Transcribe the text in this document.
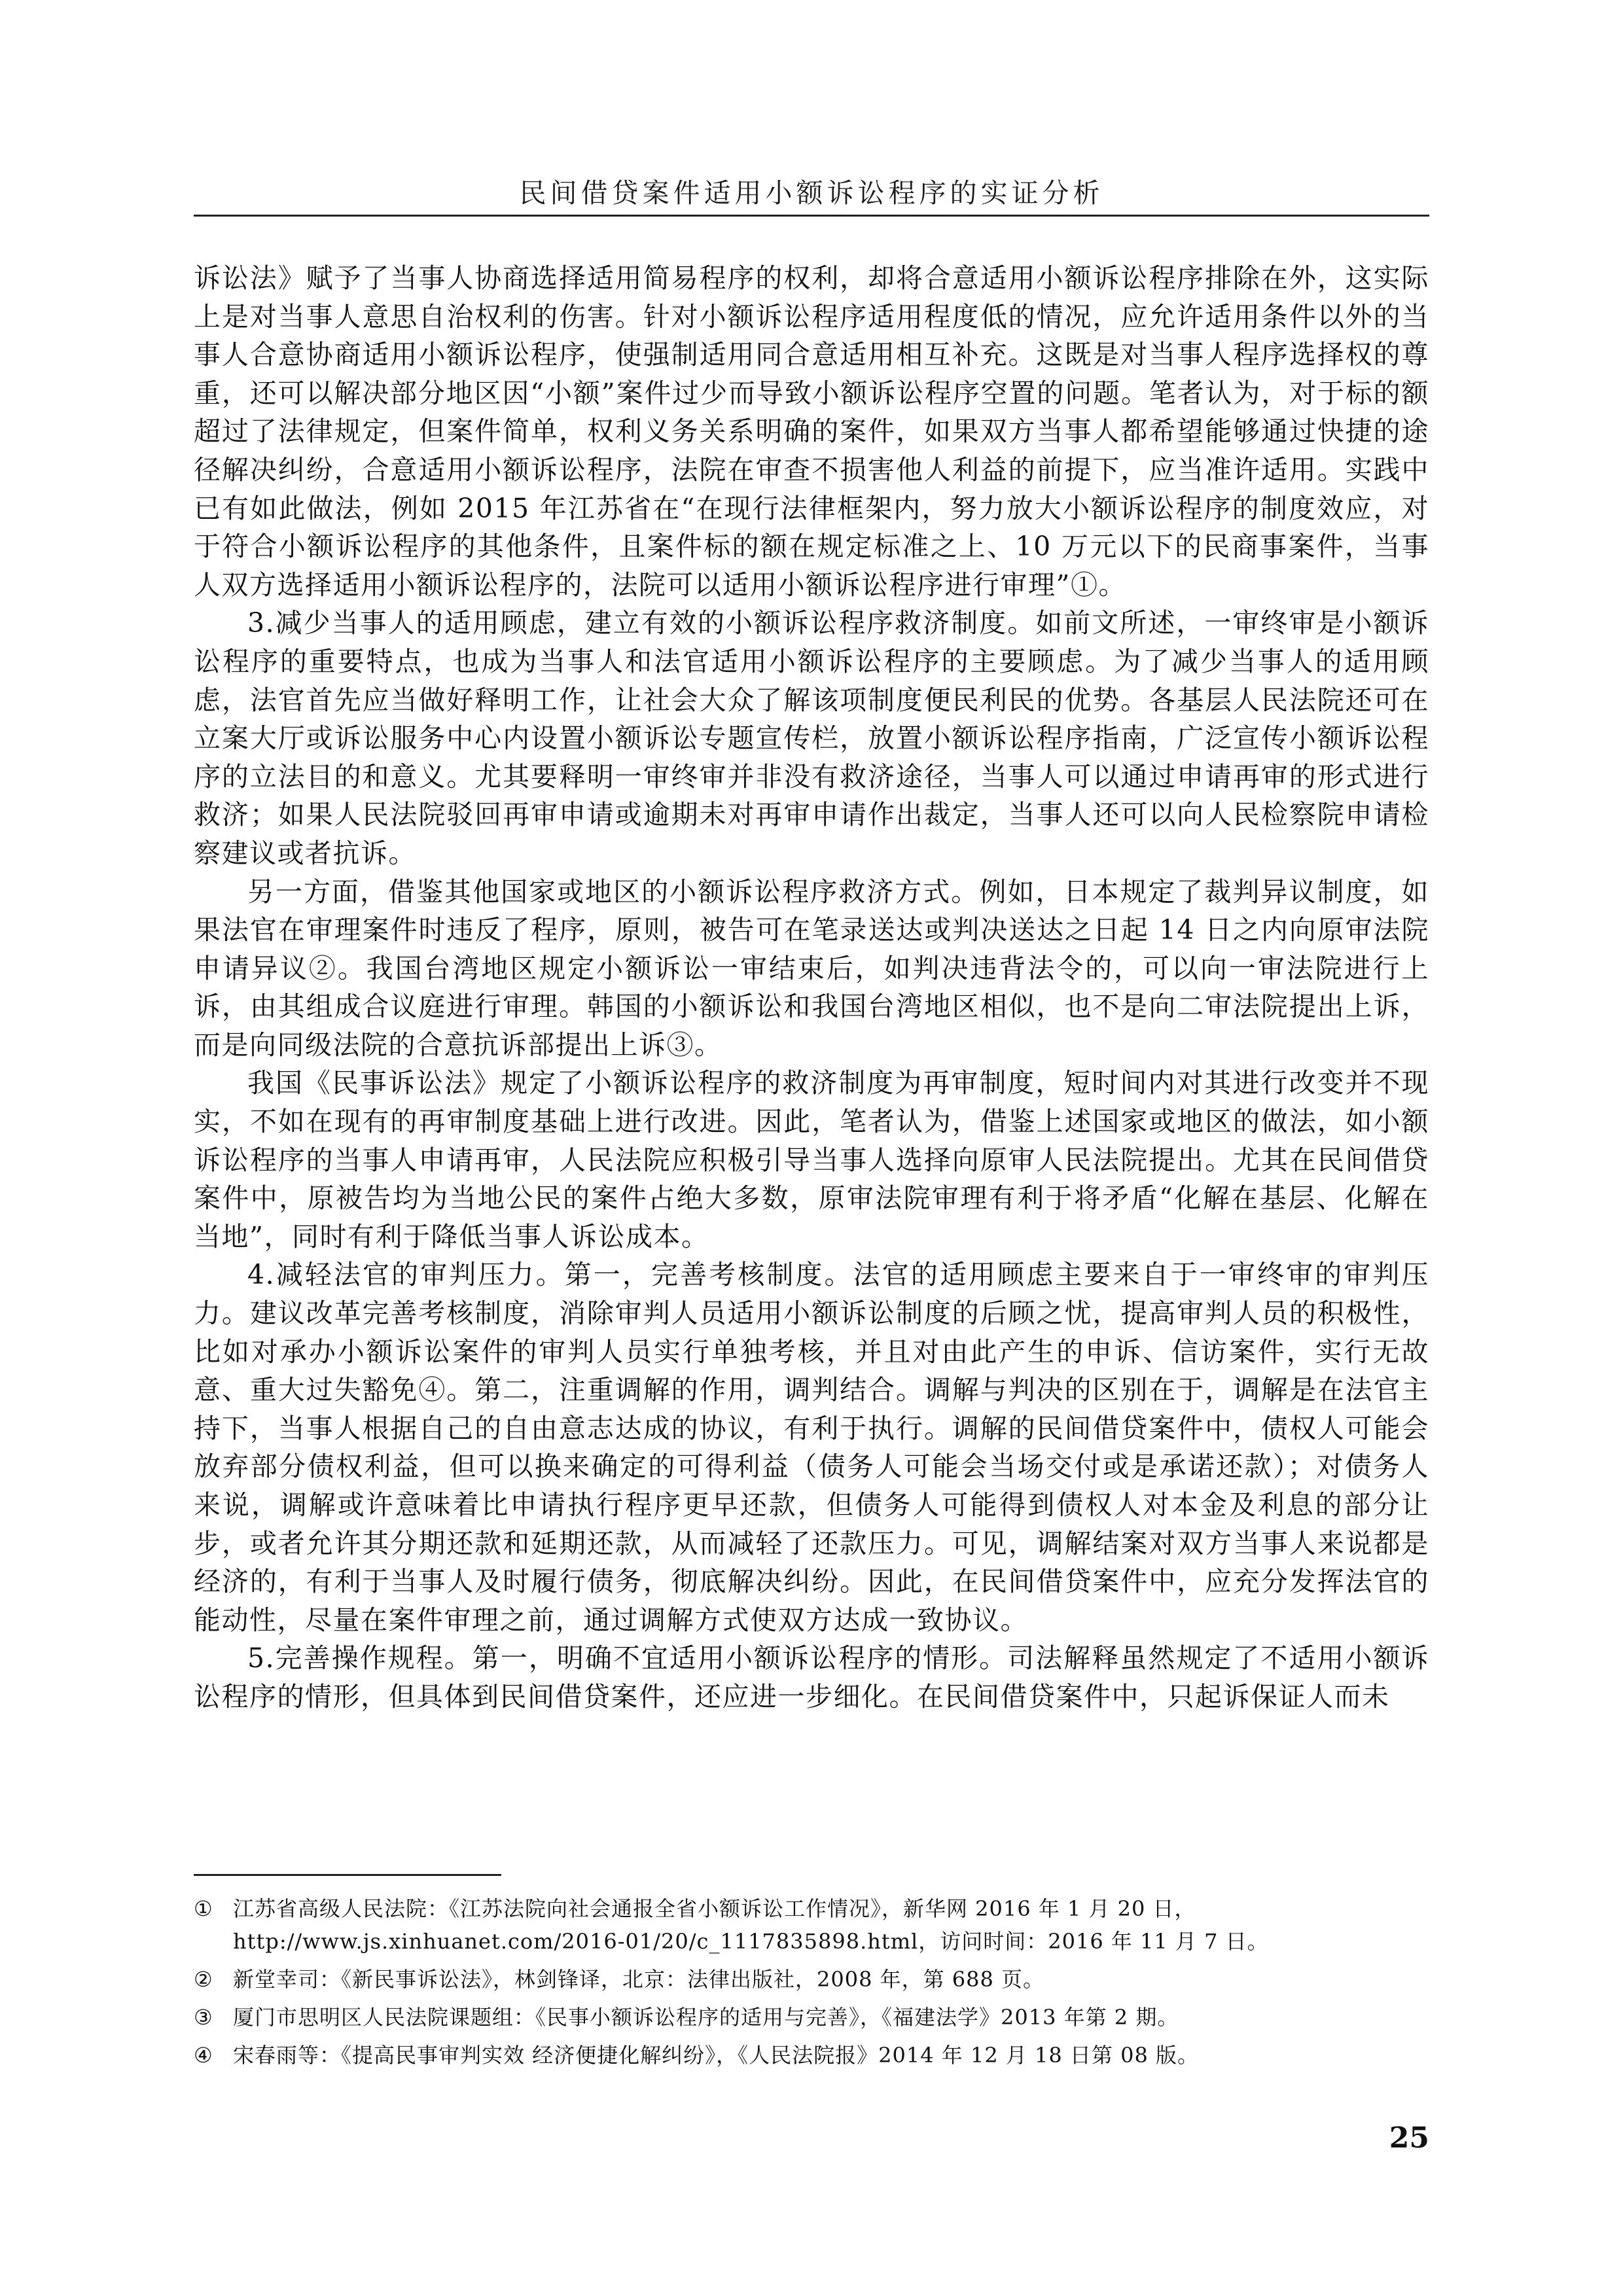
民间借贷案件适用小额诉讼程序的实证分析

诉讼法》赋予了当事人协商选择适用简易程序的权利，却将合意适用小额诉讼程序排除在外，这实际上是对当事人意思自治权利的伤害。针对小额诉讼程序适用程度低的情况，应允许适用条件以外的当事人合意协商适用小额诉讼程序，使强制适用同合意适用相互补充。这既是对当事人程序选择权的尊重，还可以解决部分地区因“小额”案件过少而导致小额诉讼程序空置的问题。笔者认为，对于标的额超过了法律规定，但案件简单，权利义务关系明确的案件，如果双方当事人都希望能够通过快捷的途径解决纠纷，合意适用小额诉讼程序，法院在审查不损害他人利益的前提下，应当准许适用。实践中已有如此做法，例如 2015 年江苏省在“在现行法律框架内，努力放大小额诉讼程序的制度效应，对于符合小额诉讼程序的其他条件，且案件标的额在规定标准之上、10 万元以下的民商事案件，当事人双方选择适用小额诉讼程序的，法院可以适用小额诉讼程序进行审理”①。

3.减少当事人的适用顾虑，建立有效的小额诉讼程序救济制度。如前文所述，一审终审是小额诉讼程序的重要特点，也成为当事人和法官适用小额诉讼程序的主要顾虑。为了减少当事人的适用顾虑，法官首先应当做好释明工作，让社会大众了解该项制度便民利民的优势。各基层人民法院还可在立案大厅或诉讼服务中心内设置小额诉讼专题宣传栏，放置小额诉讼程序指南，广泛宣传小额诉讼程序的立法目的和意义。尤其要释明一审终审并非没有救济途径，当事人可以通过申请再审的形式进行救济；如果人民法院驳回再审申请或逾期未对再审申请作出裁定，当事人还可以向人民检察院申请检察建议或者抗诉。

另一方面，借鉴其他国家或地区的小额诉讼程序救济方式。例如，日本规定了裁判异议制度，如果法官在审理案件时违反了程序，原则，被告可在笔录送达或判决送达之日起 14 日之内向原审法院申请异议②。我国台湾地区规定小额诉讼一审结束后，如判决违背法令的，可以向一审法院进行上诉，由其组成合议庭进行审理。韩国的小额诉讼和我国台湾地区相似，也不是向二审法院提出上诉，而是向同级法院的合意抗诉部提出上诉③。

我国《民事诉讼法》规定了小额诉讼程序的救济制度为再审制度，短时间内对其进行改变并不现实，不如在现有的再审制度基础上进行改进。因此，笔者认为，借鉴上述国家或地区的做法，如小额诉讼程序的当事人申请再审，人民法院应积极引导当事人选择向原审人民法院提出。尤其在民间借贷案件中，原被告均为当地公民的案件占绝大多数，原审法院审理有利于将矛盾“化解在基层、化解在当地”，同时有利于降低当事人诉讼成本。

4.减轻法官的审判压力。第一，完善考核制度。法官的适用顾虑主要来自于一审终审的审判压力。建议改革完善考核制度，消除审判人员适用小额诉讼制度的后顾之忧，提高审判人员的积极性，比如对承办小额诉讼案件的审判人员实行单独考核，并且对由此产生的申诉、信访案件，实行无故意、重大过失豁免④。第二，注重调解的作用，调判结合。调解与判决的区别在于，调解是在法官主持下，当事人根据自己的自由意志达成的协议，有利于执行。调解的民间借贷案件中，债权人可能会放弃部分债权利益，但可以换来确定的可得利益（债务人可能会当场交付或是承诺还款）；对债务人来说，调解或许意味着比申请执行程序更早还款，但债务人可能得到债权人对本金及利息的部分让步，或者允许其分期还款和延期还款，从而减轻了还款压力。可见，调解结案对双方当事人来说都是经济的，有利于当事人及时履行债务，彻底解决纠纷。因此，在民间借贷案件中，应充分发挥法官的能动性，尽量在案件审理之前，通过调解方式使双方达成一致协议。

5.完善操作规程。第一，明确不宜适用小额诉讼程序的情形。司法解释虽然规定了不适用小额诉讼程序的情形，但具体到民间借贷案件，还应进一步细化。在民间借贷案件中，只起诉保证人而未

① 江苏省高级人民法院：《江苏法院向社会通报全省小额诉讼工作情况》，新华网 2016 年 1 月 20 日，http://www.js.xinhuanet.com/2016-01/20/c_1117835898.html，访问时间：2016 年 11 月 7 日。
② 新堂幸司：《新民事诉讼法》，林剑锋译，北京：法律出版社，2008 年，第 688 页。
③ 厦门市思明区人民法院课题组：《民事小额诉讼程序的适用与完善》，《福建法学》2013 年第 2 期。
④ 宋春雨等：《提高民事审判实效 经济便捷化解纠纷》，《人民法院报》2014 年 12 月 18 日第 08 版。
25
